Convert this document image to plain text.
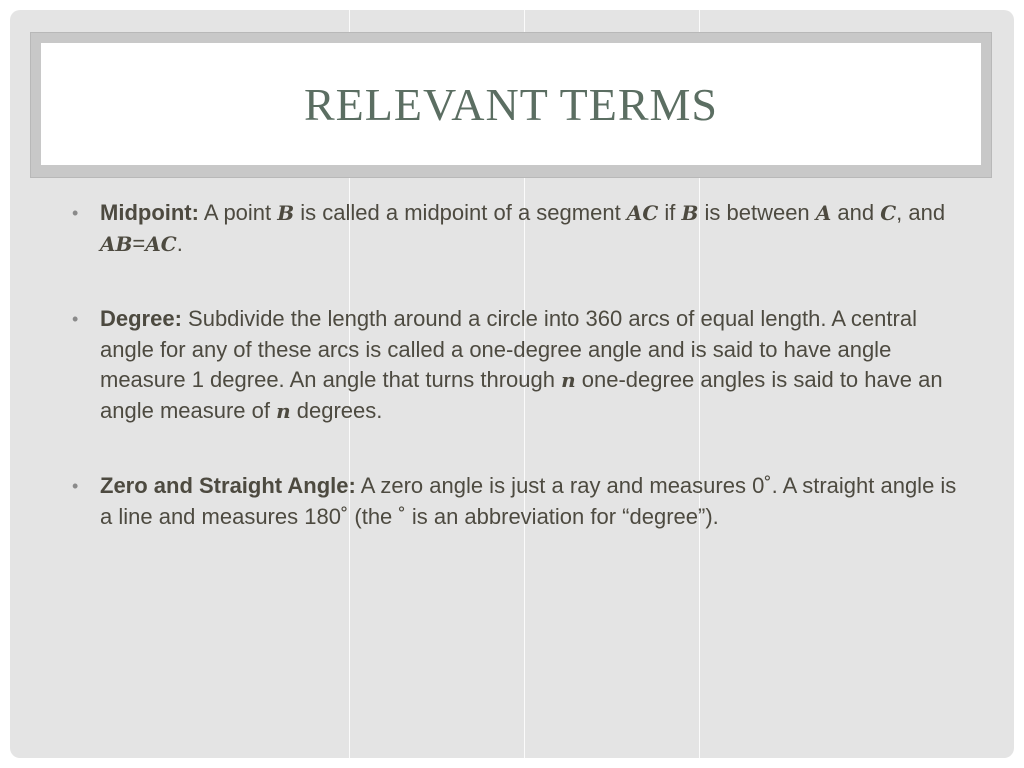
RELEVANT TERMS
• Midpoint: A point B is called a midpoint of a segment AC if B is between A and C, and AB=AC.
• Degree: Subdivide the length around a circle into 360 arcs of equal length. A central angle for any of these arcs is called a one-degree angle and is said to have angle measure 1 degree. An angle that turns through n one-degree angles is said to have an angle measure of n degrees.
• Zero and Straight Angle: A zero angle is just a ray and measures 0˚. A straight angle is a line and measures 180˚ (the ˚ is an abbreviation for “degree”).
